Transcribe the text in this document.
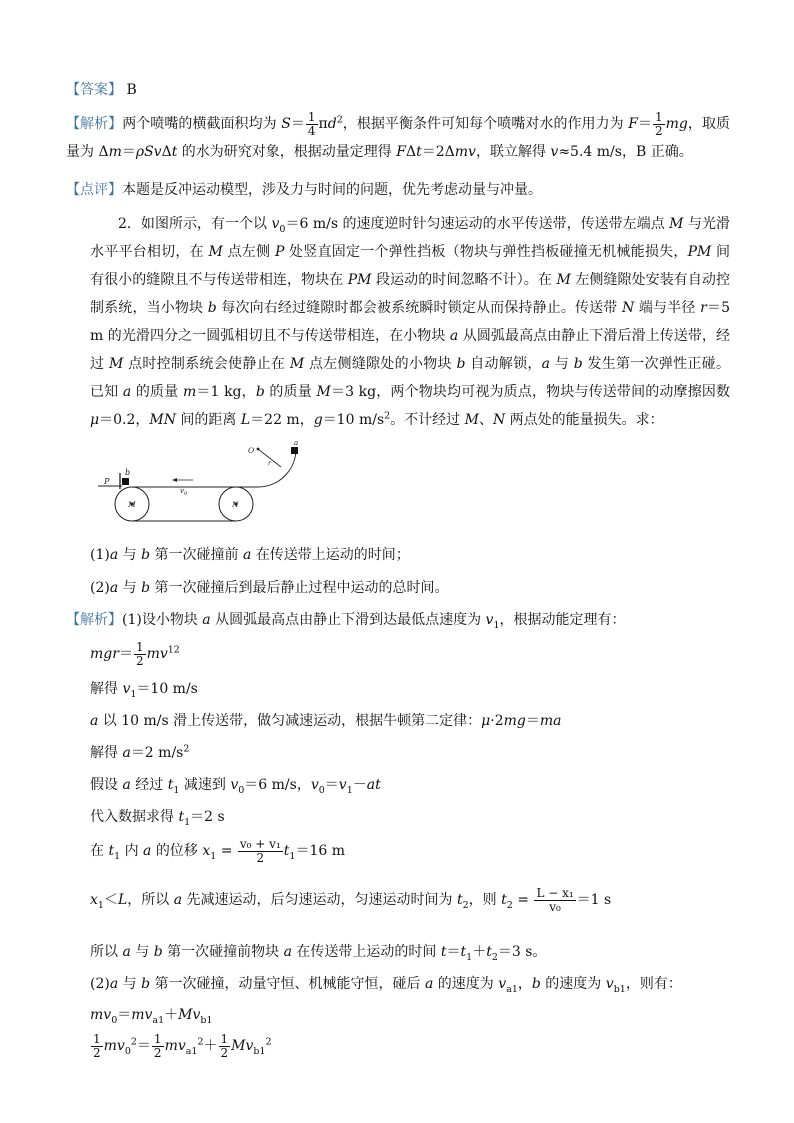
【答案】 B

【解析】两个喷嘴的横截面积均为 $S= \frac{1}{4} \pi d^2$，根据平衡条件可知每个喷嘴对水的作用力为 $F= \frac{1}{2}$ mg，取质量为 Δm＝ρSvΔt 的水为研究对象，根据动量定理得 FΔt＝2Δmv，联立解得 v≈5.4 m/s，B 正确。

【点评】本题是反冲运动模型，涉及力与时间的问题，优先考虑动量与冲量。

2．如图所示，有一个以 $v_0=6$ m/s 的速度逆时针匀速运动的水平传送带，传送带左端点 M 与光滑水平平台相切，在 M 点左侧 P 处竖直固定一个弹性挡板（物块与弹性挡板碰撞无机械能损失，PM 间有很小的缝隙且不与传送带相连，物块在 PM 段运动的时间忽略不计）。在 M 左侧缝隙处安装有自动控制系统，当小物块 b 每次向右经过缝隙时都会被系统瞬时锁定从而保持静止。传送带 N 端与半径 r＝5 m 的光滑四分之一圆弧相切且不与传送带相连，在小物块 a 从圆弧最高点由静止下滑后滑上传送带，经过 M 点时控制系统会使静止在 M 点左侧缝隙处的小物块 b 自动解锁，a 与 b 发生第一次弹性正碰。已知 a 的质量 m＝1 kg，b 的质量 M＝3 kg，两个物块均可视为质点，物块与传送带间的动摩擦因数 μ＝0.2，MN 间的距离 L＝22 m，g＝10 $m/s^2$。不计经过 M、N 两点处的能量损失。求：

P
b
M
$v_0$
N
O
a
r

(1)a 与 b 第一次碰撞前 a 在传送带上运动的时间；

(2)a 与 b 第一次碰撞后到最后静止过程中运动的总时间。

【解析】(1)设小物块 a 从圆弧最高点由静止下滑到达最低点速度为 $v_1$，根据动能定理有：

$mgr= \frac{1}{2} mv^{12}$

解得 $v_1=10$ m/s

a 以 10 m/s 滑上传送带，做匀减速运动，根据牛顿第二定律：μ·2mg＝ma

解得 a＝2 $m/s^2$

假设 a 经过 $t_1$ 减速到 $v_0=6$ m/s，$v_0=v_1-at$

代入数据求得 $t_1=2$ s

在 $t_1$ 内 a 的位移 $x_1 = \frac{\text{v₀ + v₁}}{2} t_1=16$ m

$x_1<L$，所以 a 先减速运动，后匀速运动，匀速运动时间为 $t_2$，则 $t_2 = \frac{\text{L − x₁}}{\text{v₀}} =1$ s

所以 a 与 b 第一次碰撞前物块 a 在传送带上运动的时间 $t=t_1+t_2=3$ s。

(2)a 与 b 第一次碰撞，动量守恒、机械能守恒，碰后 a 的速度为 $v_{a1}$，b 的速度为 $v_{b1}$，则有：

$mv_0=mv_{a1}+Mv_{b1}$

$\frac{1}{2} mv_0^2= \frac{1}{2} mv_{a1}^2+ \frac{1}{2} Mv_{b1}^2$
